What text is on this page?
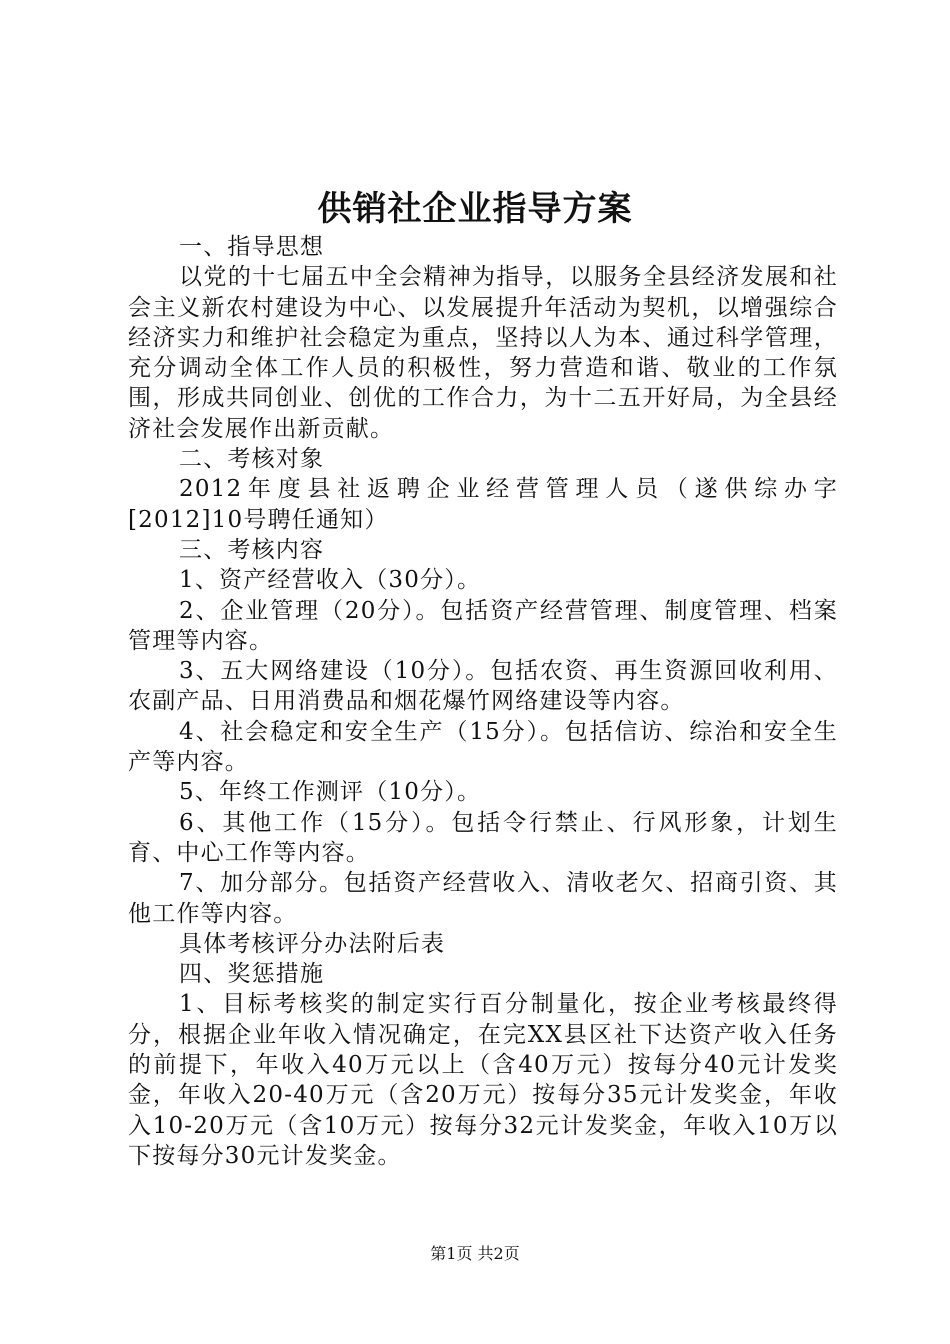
供销社企业指导方案

一、指导思想

以党的十七届五中全会精神为指导，以服务全县经济发展和社会主义新农村建设为中心、以发展提升年活动为契机，以增强综合经济实力和维护社会稳定为重点，坚持以人为本、通过科学管理，充分调动全体工作人员的积极性，努力营造和谐、敬业的工作氛围，形成共同创业、创优的工作合力，为十二五开好局，为全县经济社会发展作出新贡献。

二、考核对象

2012年度县社返聘企业经营管理人员（遂供综办字[2012]10号聘任通知）

三、考核内容

1、资产经营收入（30分）。

2、企业管理（20分）。包括资产经营管理、制度管理、档案管理等内容。

3、五大网络建设（10分）。包括农资、再生资源回收利用、农副产品、日用消费品和烟花爆竹网络建设等内容。

4、社会稳定和安全生产（15分）。包括信访、综治和安全生产等内容。

5、年终工作测评（10分）。

6、其他工作（15分）。包括令行禁止、行风形象，计划生育、中心工作等内容。

7、加分部分。包括资产经营收入、清收老欠、招商引资、其他工作等内容。

具体考核评分办法附后表

四、奖惩措施

1、目标考核奖的制定实行百分制量化，按企业考核最终得分，根据企业年收入情况确定，在完XX县区社下达资产收入任务的前提下，年收入40万元以上（含40万元）按每分40元计发奖金，年收入20-40万元（含20万元）按每分35元计发奖金，年收入10-20万元（含10万元）按每分32元计发奖金，年收入10万以下按每分30元计发奖金。

第1页 共2页
